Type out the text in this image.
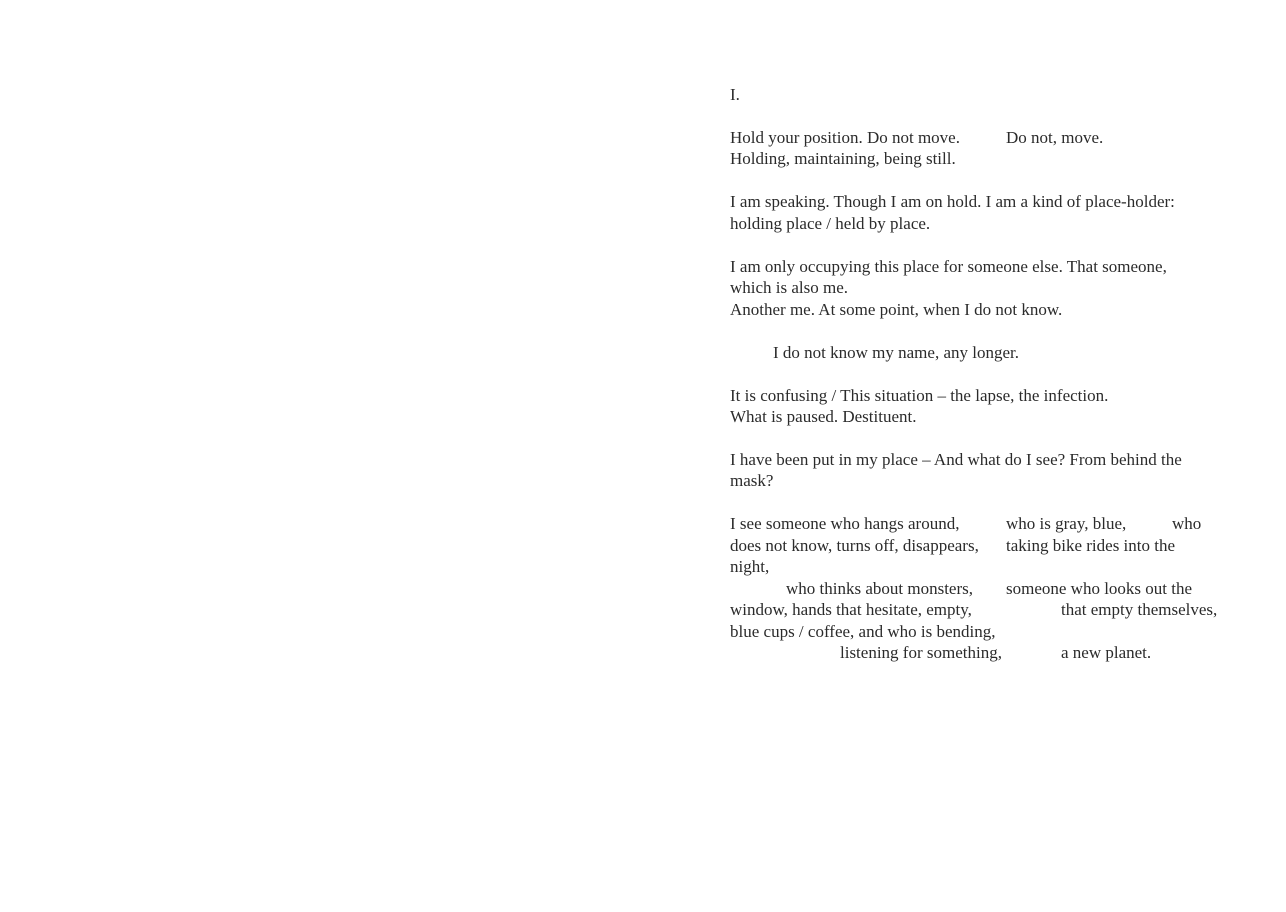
I.
Hold your position. Do not move.	Do not, move.
Holding, maintaining, being still.
I am speaking. Though I am on hold. I am a kind of place-holder:
holding place / held by place.
I am only occupying this place for someone else. That someone,
which is also me.
Another me. At some point, when I do not know.
I do not know my name, any longer.
It is confusing / This situation – the lapse, the infection.
What is paused. Destituent.
I have been put in my place – And what do I see? From behind the
mask?
I see someone who hangs around,	who is gray, blue,	who
does not know, turns off, disappears, taking bike rides into the
night,
who thinks about monsters, someone who looks out the
window, hands that hesitate, empty,	that empty themselves,
blue cups / coffee, and who is bending,
listening for something,	a new planet.
